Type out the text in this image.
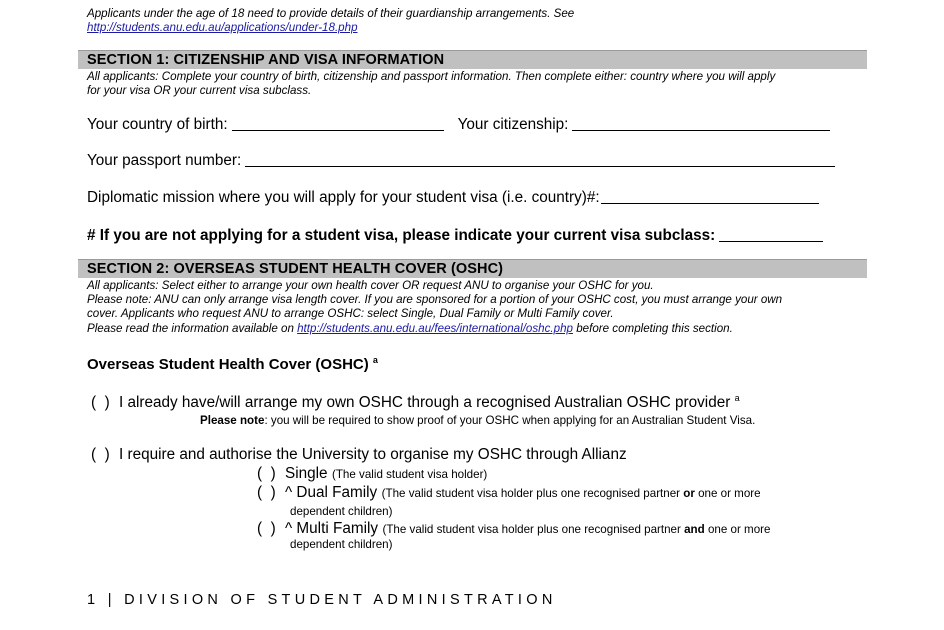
Applicants under the age of 18 need to provide details of their guardianship arrangements. See
http://students.anu.edu.au/applications/under-18.php
SECTION 1: CITIZENSHIP AND VISA INFORMATION
All applicants: Complete your country of birth, citizenship and passport information. Then complete either: country where you will apply
for your visa OR your current visa subclass.
Your country of birth:	Your citizenship:
Your passport number:
Diplomatic mission where you will apply for your student visa (i.e. country)#:
# If you are not applying for a student visa, please indicate your current visa subclass:
SECTION 2: OVERSEAS STUDENT HEALTH COVER (OSHC)
All applicants: Select either to arrange your own health cover OR request ANU to organise your OSHC for you.
Please note: ANU can only arrange visa length cover. If you are sponsored for a portion of your OSHC cost, you must arrange your own
cover. Applicants who request ANU to arrange OSHC: select Single, Dual Family or Multi Family cover.
Please read the information available on http://students.anu.edu.au/fees/international/oshc.php before completing this section.
Overseas Student Health Cover (OSHC) $^a$
(  ) I already have/will arrange my own OSHC through a recognised Australian OSHC provider $^a$
Please note: you will be required to show proof of your OSHC when applying for an Australian Student Visa.
(  ) I require and authorise the University to organise my OSHC through Allianz
(  ) Single (The valid student visa holder)
(  ) ^ Dual Family (The valid student visa holder plus one recognised partner or one or more
dependent children)
(  ) ^ Multi Family (The valid student visa holder plus one recognised partner and one or more
dependent children)
1 | DIVISION OF STUDENT ADMINISTRATION
